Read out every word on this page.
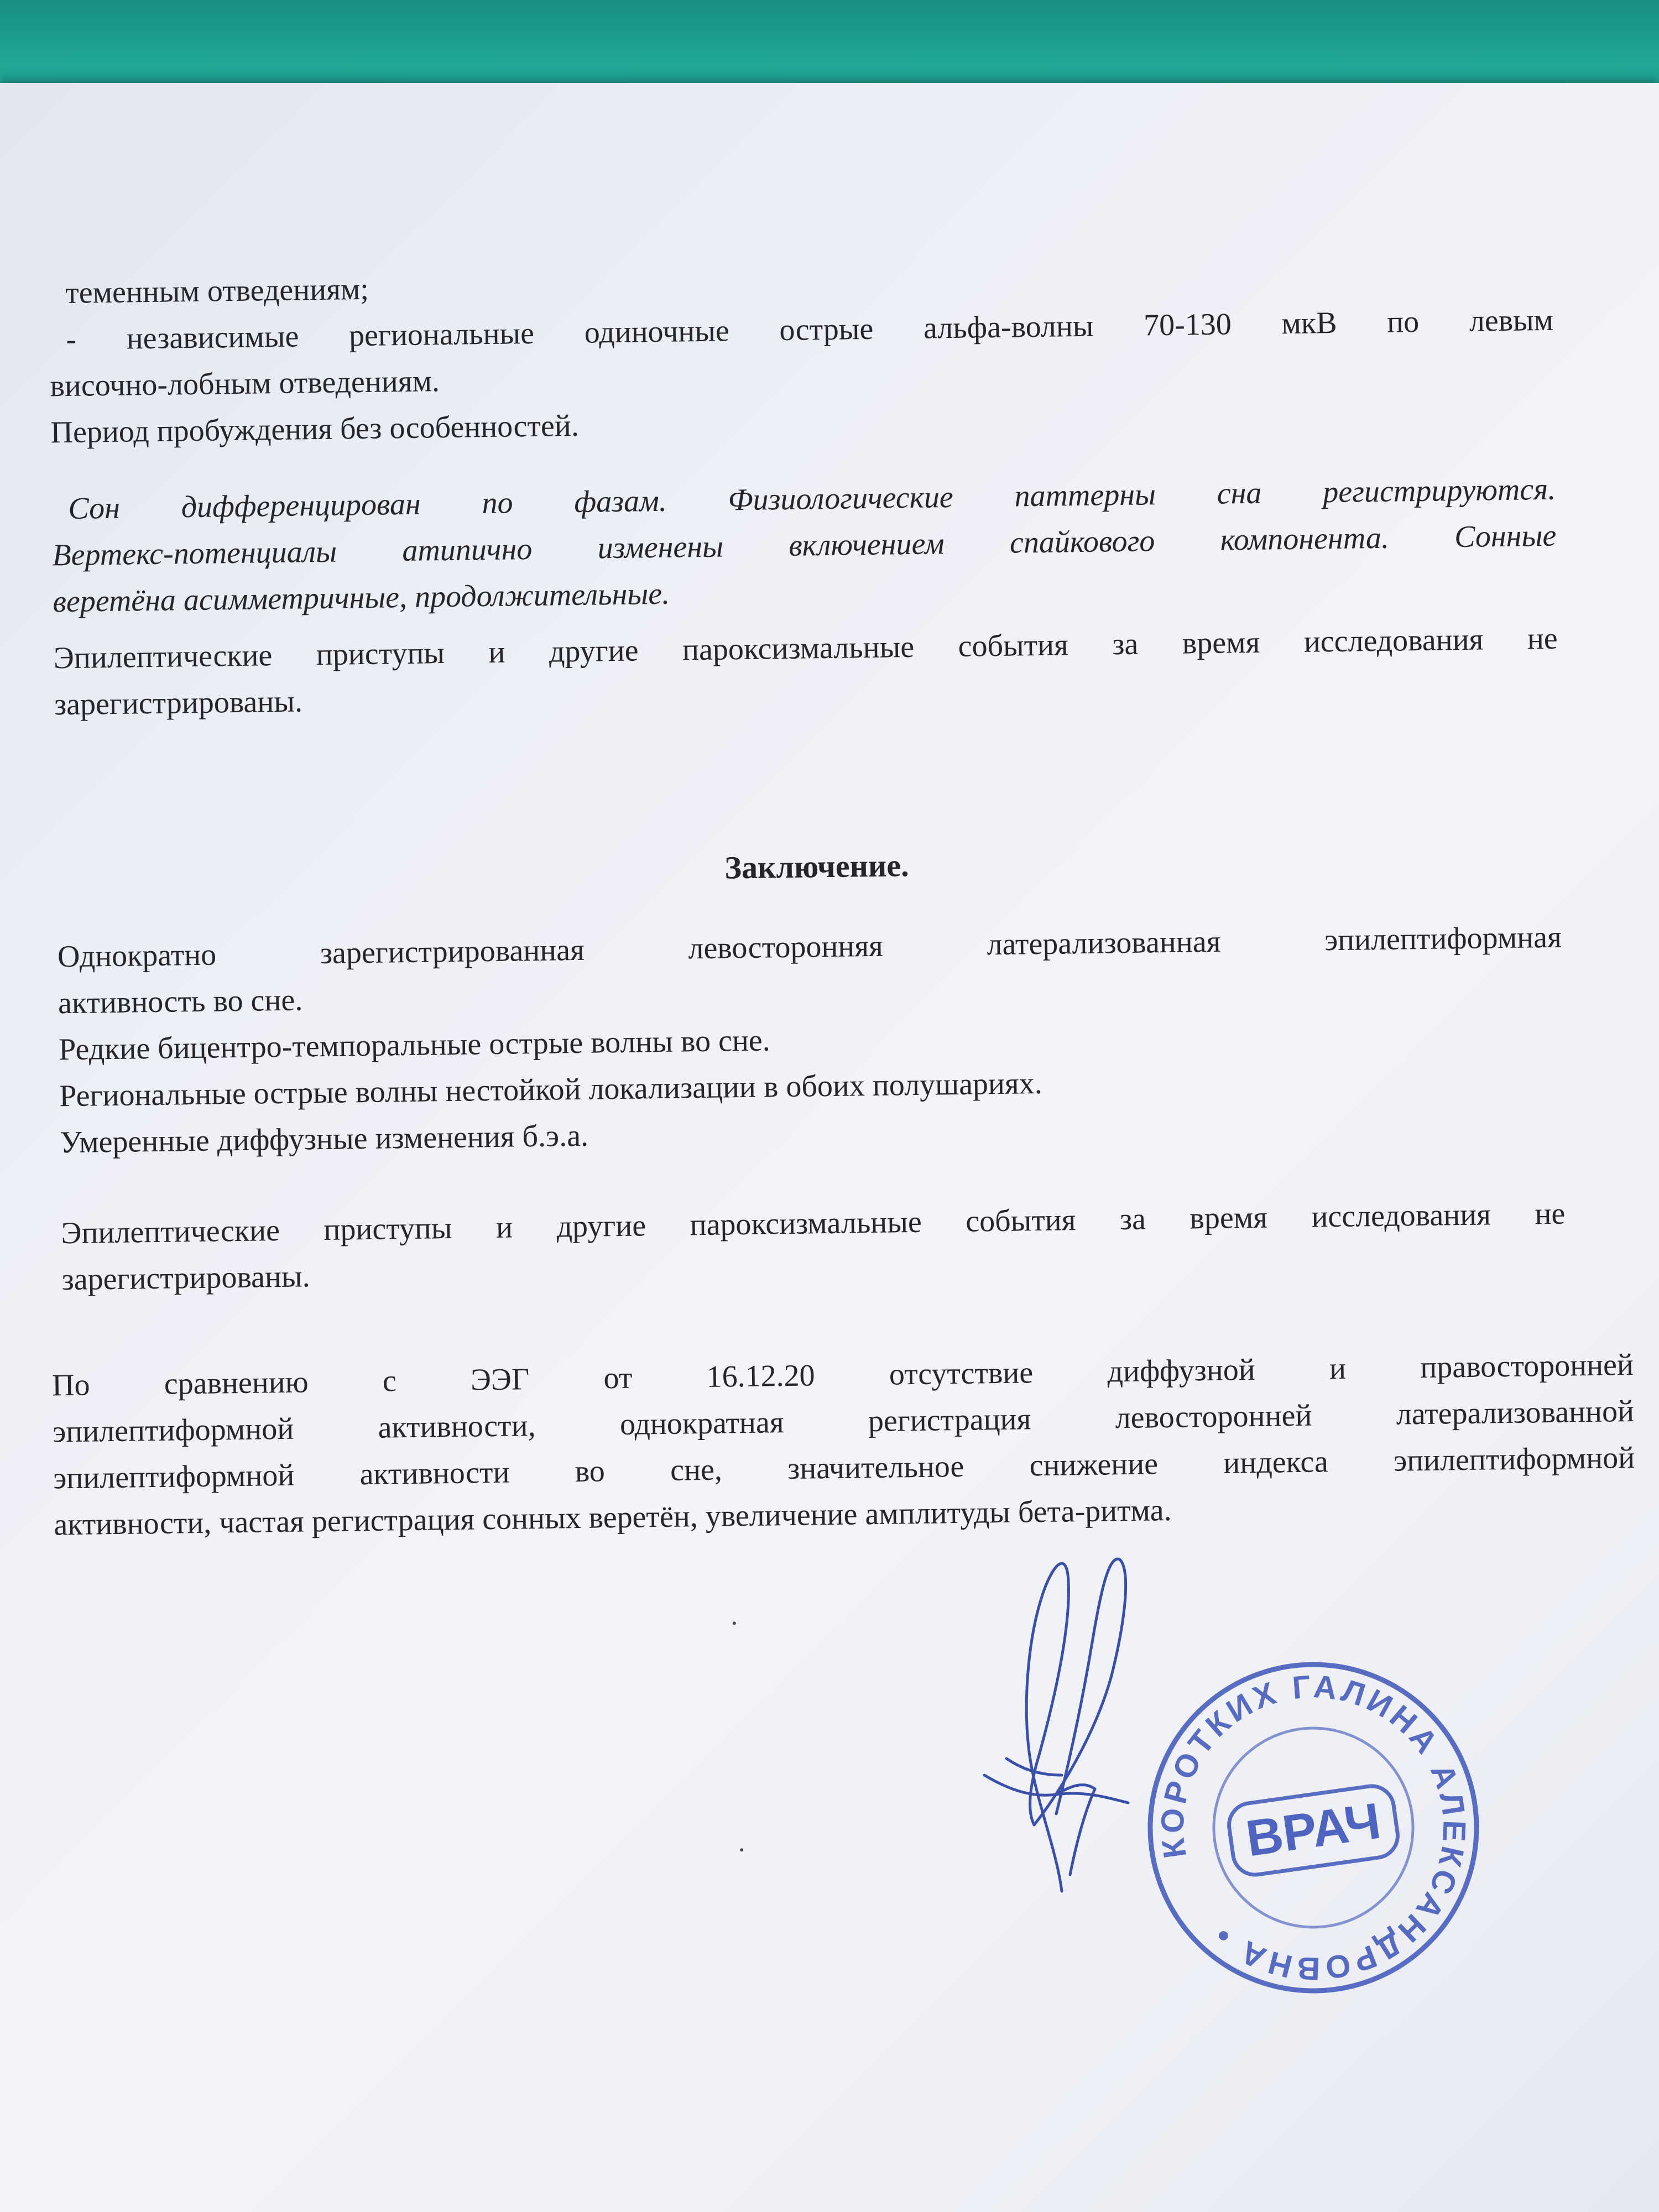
теменным отведениям;
- независимые региональные одиночные острые альфа-волны 70-130 мкВ по левым
височно-лобным отведениям.
Период пробуждения без особенностей.
Сон дифференцирован по фазам. Физиологические паттерны сна регистрируются.
Вертекс-потенциалы атипично изменены включением спайкового компонента. Сонные
веретёна асимметричные, продолжительные.
Эпилептические приступы и другие пароксизмальные события за время исследования не
зарегистрированы.
Заключение.
Однократно зарегистрированная левосторонняя латерализованная эпилептиформная
активность во сне.
Редкие бицентро-темпоральные острые волны во сне.
Региональные острые волны нестойкой локализации в обоих полушариях.
Умеренные диффузные изменения б.э.а.
Эпилептические приступы и другие пароксизмальные события за время исследования не
зарегистрированы.
По сравнению с ЭЭГ от 16.12.20 отсутствие диффузной и правосторонней
эпилептиформной активности, однократная регистрация левосторонней латерализованной
эпилептиформной активности во сне, значительное снижение индекса эпилептиформной
активности, частая регистрация сонных веретён, увеличение амплитуды бета-ритма.
КОРОТКИХ ГАЛИНА АЛЕКСАНДРОВНА •
ВРАЧ
